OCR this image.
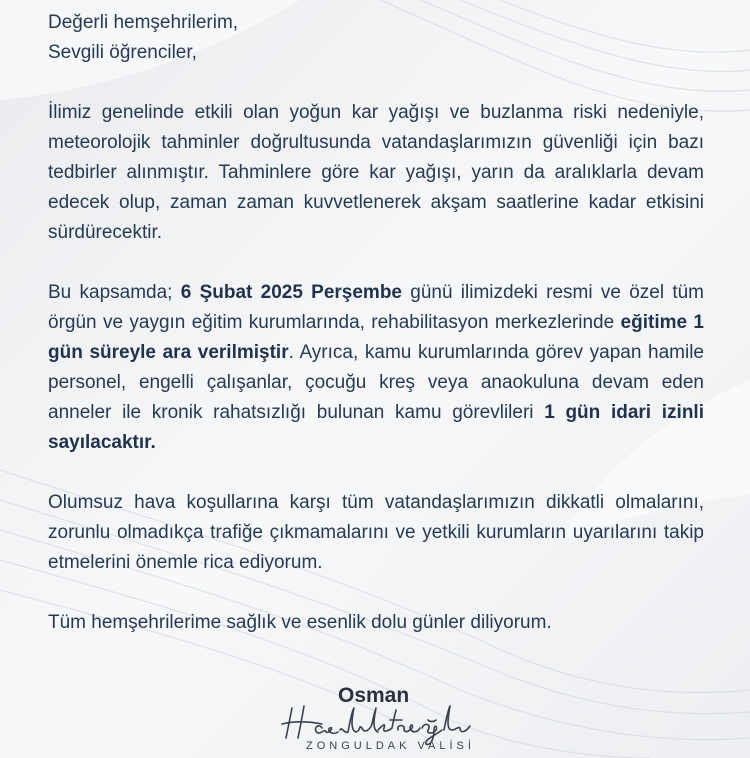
Değerli hemşehrilerim,

Sevgili öğrenciler,

İlimiz genelinde etkili olan yoğun kar yağışı ve buzlanma riski nedeniyle, meteorolojik tahminler doğrultusunda vatandaşlarımızın güvenliği için bazı tedbirler alınmıştır. Tahminlere göre kar yağışı, yarın da aralıklarla devam edecek olup, zaman zaman kuvvetlenerek akşam saatlerine kadar etkisini sürdürecektir.

Bu kapsamda; 6 Şubat 2025 Perşembe günü ilimizdeki resmi ve özel tüm örgün ve yaygın eğitim kurumlarında, rehabilitasyon merkezlerinde eğitime 1 gün süreyle ara verilmiştir. Ayrıca, kamu kurumlarında görev yapan hamile personel, engelli çalışanlar, çocuğu kreş veya anaokuluna devam eden anneler ile kronik rahatsızlığı bulunan kamu görevlileri 1 gün idari izinli sayılacaktır.

Olumsuz hava koşullarına karşı tüm vatandaşlarımızın dikkatli olmalarını, zorunlu olmadıkça trafiğe çıkmamalarını ve yetkili kurumların uyarılarını takip etmelerini önemle rica ediyorum.

Tüm hemşehrilerime sağlık ve esenlik dolu günler diliyorum.

Osman
ZONGULDAK VALİSİ
